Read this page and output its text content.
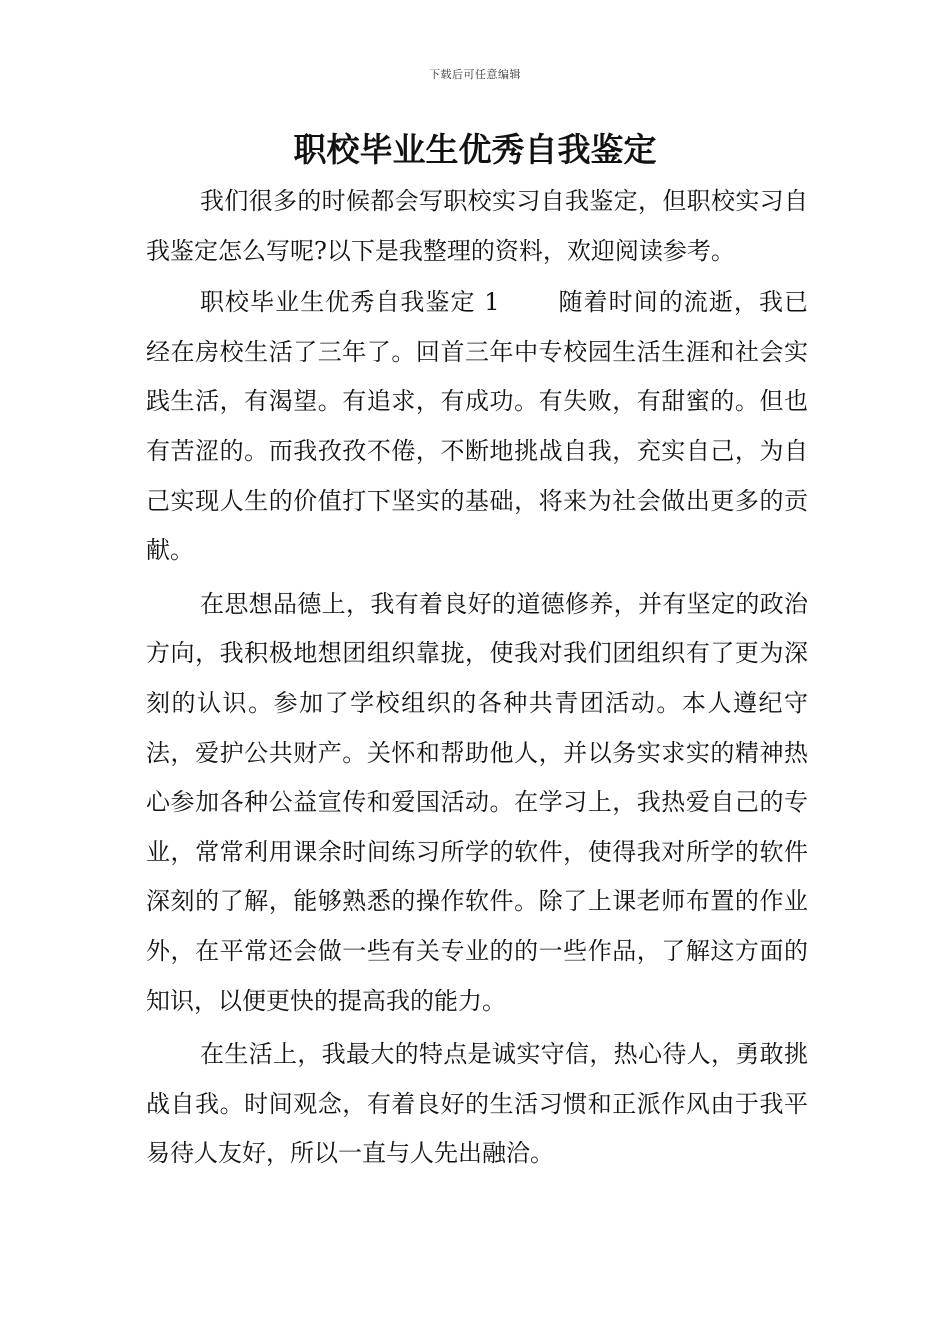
下载后可任意编辑
职校毕业生优秀自我鉴定

我们很多的时候都会写职校实习自我鉴定，但职校实习自我鉴定怎么写呢?以下是我整理的资料，欢迎阅读参考。

职校毕业生优秀自我鉴定 1 随着时间的流逝，我已经在房校生活了三年了。回首三年中专校园生活生涯和社会实践生活，有渴望。有追求，有成功。有失败，有甜蜜的。但也有苦涩的。而我孜孜不倦，不断地挑战自我，充实自己，为自己实现人生的价值打下坚实的基础，将来为社会做出更多的贡献。

在思想品德上，我有着良好的道德修养，并有坚定的政治方向，我积极地想团组织靠拢，使我对我们团组织有了更为深刻的认识。参加了学校组织的各种共青团活动。本人遵纪守法，爱护公共财产。关怀和帮助他人，并以务实求实的精神热心参加各种公益宣传和爱国活动。在学习上，我热爱自己的专业，常常利用课余时间练习所学的软件，使得我对所学的软件深刻的了解，能够熟悉的操作软件。除了上课老师布置的作业外，在平常还会做一些有关专业的的一些作品，了解这方面的知识，以便更快的提高我的能力。

在生活上，我最大的特点是诚实守信，热心待人，勇敢挑战自我。时间观念，有着良好的生活习惯和正派作风由于我平易待人友好，所以一直与人先出融洽。
